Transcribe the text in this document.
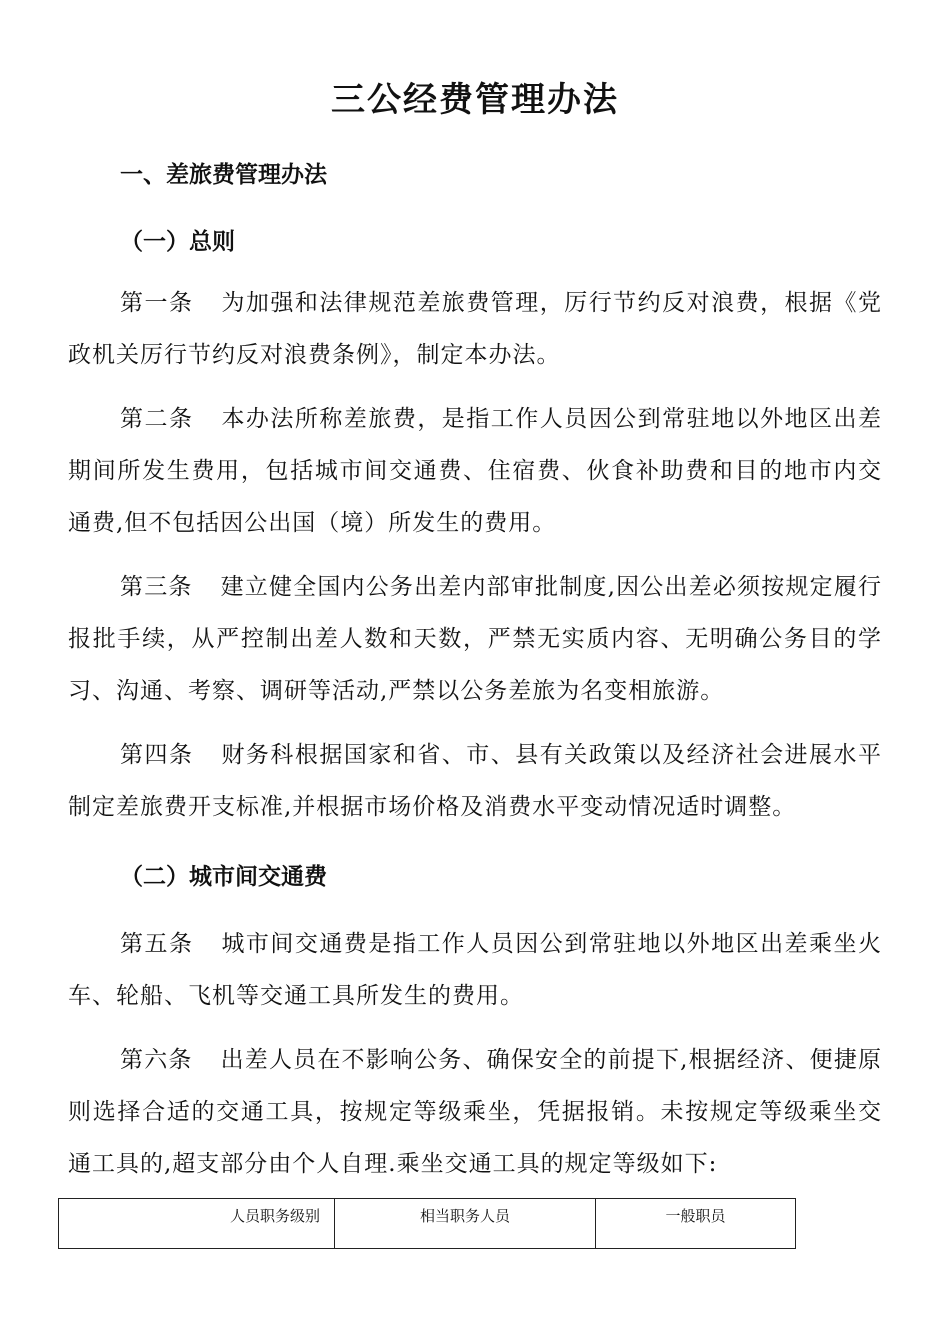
三公经费管理办法
一、差旅费管理办法
（一）总则

第一条 为加强和法律规范差旅费管理，厉行节约反对浪费，根据《党政机关厉行节约反对浪费条例》，制定本办法。

第二条 本办法所称差旅费，是指工作人员因公到常驻地以外地区出差期间所发生费用，包括城市间交通费、住宿费、伙食补助费和目的地市内交通费,但不包括因公出国（境）所发生的费用。

第三条 建立健全国内公务出差内部审批制度,因公出差必须按规定履行报批手续，从严控制出差人数和天数，严禁无实质内容、无明确公务目的学习、沟通、考察、调研等活动,严禁以公务差旅为名变相旅游。

第四条 财务科根据国家和省、市、县有关政策以及经济社会进展水平制定差旅费开支标准,并根据市场价格及消费水平变动情况适时调整。

（二）城市间交通费

第五条 城市间交通费是指工作人员因公到常驻地以外地区出差乘坐火车、轮船、飞机等交通工具所发生的费用。

第六条 出差人员在不影响公务、确保安全的前提下,根据经济、便捷原则选择合适的交通工具，按规定等级乘坐，凭据报销。未按规定等级乘坐交通工具的,超支部分由个人自理.乘坐交通工具的规定等级如下:

人员职务级别	相当职务人员	一般职员
